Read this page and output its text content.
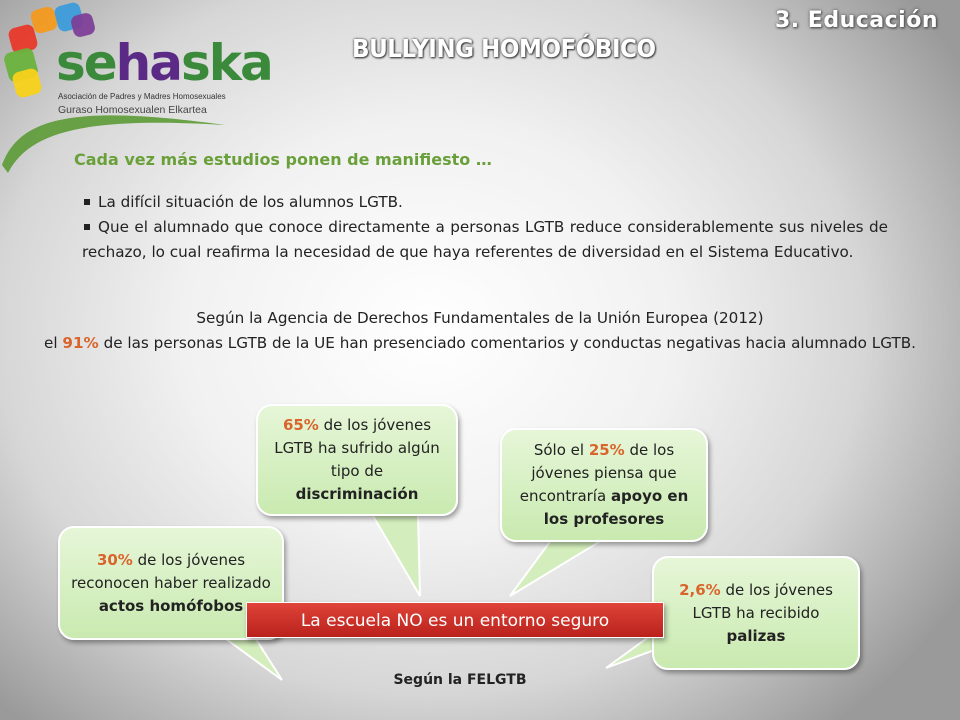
sehaska
Asociación de Padres y Madres Homosexuales
Guraso Homosexualen Elkartea
3. Educación
BULLYING HOMOFÓBICO
Cada vez más estudios ponen de manifiesto …
La difícil situación de los alumnos LGTB.
Que el alumnado que conoce directamente a personas LGTB reduce considerablemente sus niveles de rechazo, lo cual reafirma la necesidad de que haya referentes de diversidad en el Sistema Educativo.
Según la Agencia de Derechos Fundamentales de la Unión Europea (2012)
el 91% de las personas LGTB de la UE han presenciado comentarios y conductas negativas hacia alumnado LGTB.
65% de los jóvenes LGTB ha sufrido algún tipo de discriminación
Sólo el 25% de los jóvenes piensa que encontraría apoyo en los profesores
30% de los jóvenes reconocen haber realizado actos homófobos
2,6% de los jóvenes LGTB ha recibido palizas
La escuela NO es un entorno seguro
Según la FELGTB
